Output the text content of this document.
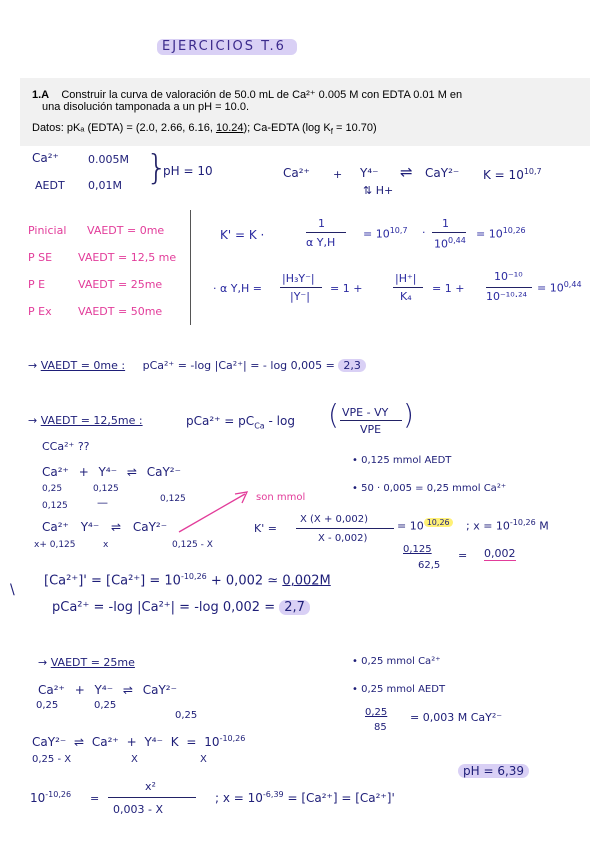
EJERCICIOS T.6
1.A Construir la curva de valoración de 50.0 mL de Ca²⁺ 0.005 M con EDTA 0.01 M en
una disolución tamponada a un pH = 10.0.
Datos: pKₐ (EDTA) = (2.0, 2.66, 6.16, 10.24); Ca-EDTA (log $K_f = 10.70$)
Ca²⁺	0.005M
AEDT 0,01M }
pH = 10	Ca²⁺ + Y⁴⁻ ⇌ CaY²⁻ $K = 10^{10,7}$
⇅ H+
Pinicial VAEDT = 0me
P SE VAEDT = 12,5 me
P E	VAEDT = 25me
P Ex VAEDT = 50me
K' = K ·
1
α Y,H
= $10^{10,7}$ ·
1
$10^{0,44} = 10^{10,26}$
· α Y,H =
|H₃Y⁻|
|Y⁻|
= 1 +
|H⁺|
K₄
= 1 +
10⁻¹⁰
10⁻¹⁰·²⁴
= $10^{0,44}$
→ VAEDT = 0me : pCa²⁺ = -log |Ca²⁺| = - log 0,005 = 2,3
→ VAEDT = 12,5me :	$pCa^{2+} = pC_{Ca} - \log$ ( VPE - VY
VPE )
CCa²⁺ ??
Ca²⁺ + Y⁴⁻ ⇌ CaY²⁻
0,25	0,125
0,125	—	0,125	son mmol
Ca²⁺ Y⁴⁻ ⇌ CaY²⁻
x+ 0,125	x	0,125 - X
K' =
X (X + 0,002)
X - 0,002)
= 10 $^{10,26}$ ; $x = 10^{-10,26}$ M
• 0,125 mmol AEDT
• 50 · 0,005 = 0,25 mmol Ca²⁺
0,125
62,5
= 0,002
$[Ca^{2+}]' = [Ca^{2+}] = 10^{-10,26} + 0,002$ ≃ 0,002M
\
pCa²⁺ = -log |Ca²⁺| = -log 0,002 = 2,7
→ VAEDT = 25me
Ca²⁺ + Y⁴⁻ ⇌ CaY²⁻
0,25	0,25
0,25
• 0,25 mmol Ca²⁺
• 0,25 mmol AEDT
0,25
85
= 0,003 M CaY²⁻
CaY²⁻ ⇌ Ca²⁺ + Y⁴⁻ $K = 10^{-10,26}$
0,25 - X	X	X
pH = 6,39
$10^{-10,26}$ =
x²
0,003 - X
; $x = 10^{-6,39} = [Ca^{2+}] = [Ca^{2+}]'$
